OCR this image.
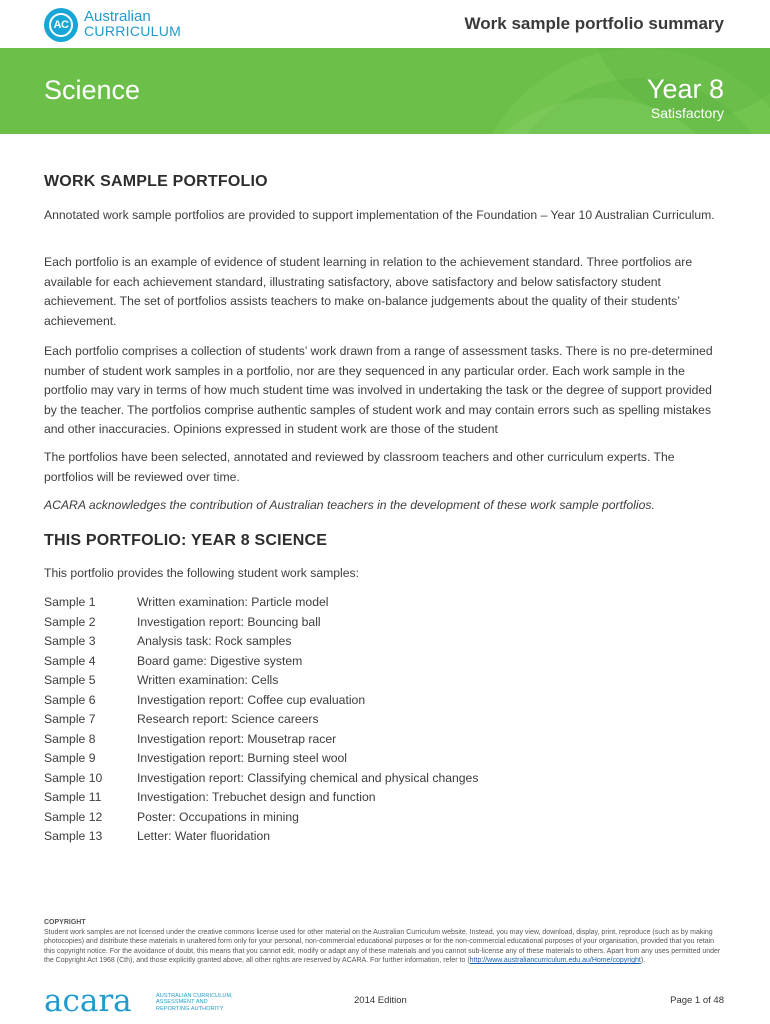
AC	Australian
CURRICULUM	Work sample portfolio summary
Science	Year 8
Satisfactory
WORK SAMPLE PORTFOLIO

Annotated work sample portfolios are provided to support implementation of the Foundation – Year 10 Australian Curriculum.

Each portfolio is an example of evidence of student learning in relation to the achievement standard. Three portfolios are available for each achievement standard, illustrating satisfactory, above satisfactory and below satisfactory student achievement. The set of portfolios assists teachers to make on-balance judgements about the quality of their students’ achievement.

Each portfolio comprises a collection of students’ work drawn from a range of assessment tasks. There is no pre-determined number of student work samples in a portfolio, nor are they sequenced in any particular order. Each work sample in the portfolio may vary in terms of how much student time was involved in undertaking the task or the degree of support provided by the teacher. The portfolios comprise authentic samples of student work and may contain errors such as spelling mistakes and other inaccuracies. Opinions expressed in student work are those of the student

The portfolios have been selected, annotated and reviewed by classroom teachers and other curriculum experts. The portfolios will be reviewed over time.

ACARA acknowledges the contribution of Australian teachers in the development of these work sample portfolios.

THIS PORTFOLIO: YEAR 8 SCIENCE

This portfolio provides the following student work samples:

Sample 1	Written examination: Particle model
Sample 2	Investigation report: Bouncing ball
Sample 3	Analysis task: Rock samples
Sample 4	Board game: Digestive system
Sample 5	Written examination: Cells
Sample 6	Investigation report: Coffee cup evaluation
Sample 7	Research report: Science careers
Sample 8	Investigation report: Mousetrap racer
Sample 9	Investigation report: Burning steel wool
Sample 10	Investigation report: Classifying chemical and physical changes
Sample 11	Investigation: Trebuchet design and function
Sample 12	Poster: Occupations in mining
Sample 13	Letter: Water fluoridation
COPYRIGHT
Student work samples are not licensed under the creative commons license used for other material on the Australian Curriculum website. Instead, you may view, download, display, print, reproduce (such as by making photocopies) and distribute these materials in unaltered form only for your personal, non-commercial educational purposes or for the non-commercial educational purposes of your organisation, provided that you retain this copyright notice. For the avoidance of doubt, this means that you cannot edit, modify or adapt any of these materials and you cannot sub-license any of these materials to others. Apart from any uses permitted under the Copyright Act 1968 (Cth), and those explicitly granted above, all other rights are reserved by ACARA. For further information, refer to (http://www.australiancurriculum.edu.au/Home/copyright).
acara	AUSTRALIAN CURRICULUM,
ASSESSMENT AND
REPORTING AUTHORITY
2014 Edition	Page 1 of 48
